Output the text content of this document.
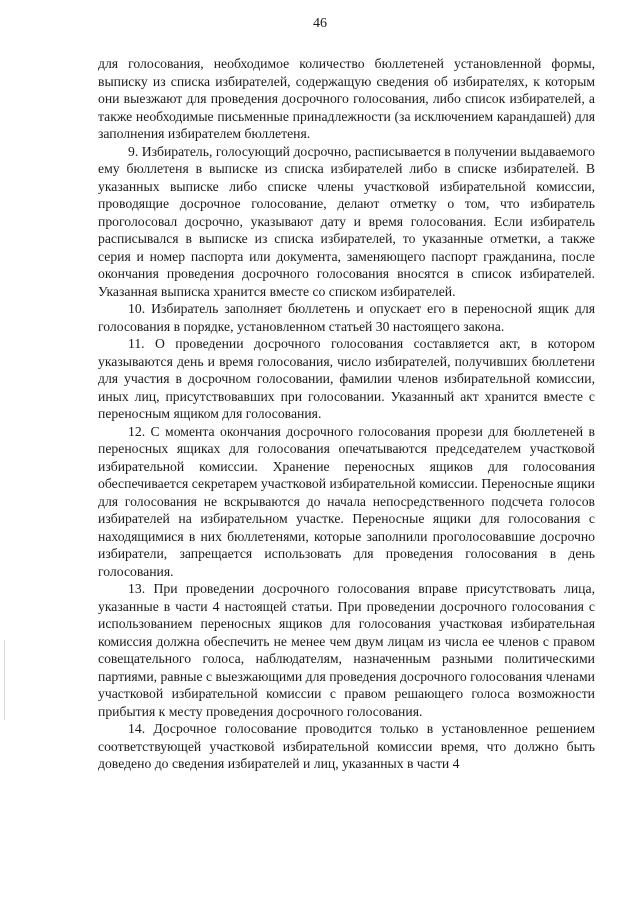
46

для голосования, необходимое количество бюллетеней установленной формы, выписку из списка избирателей, содержащую сведения об избирателях, к которым они выезжают для проведения досрочного голосования, либо список избирателей, а также необходимые письменные принадлежности (за исключением карандашей) для заполнения избирателем бюллетеня.

9. Избиратель, голосующий досрочно, расписывается в получении выдаваемого ему бюллетеня в выписке из списка избирателей либо в списке избирателей. В указанных выписке либо списке члены участковой избирательной комиссии, проводящие досрочное голосование, делают отметку о том, что избиратель проголосовал досрочно, указывают дату и время голосования. Если избиратель расписывался в выписке из списка избирателей, то указанные отметки, а также серия и номер паспорта или документа, заменяющего паспорт гражданина, после окончания проведения досрочного голосования вносятся в список избирателей. Указанная выписка хранится вместе со списком избирателей.

10. Избиратель заполняет бюллетень и опускает его в переносной ящик для голосования в порядке, установленном статьей 30 настоящего закона.

11. О проведении досрочного голосования составляется акт, в котором указываются день и время голосования, число избирателей, получивших бюллетени для участия в досрочном голосовании, фамилии членов избирательной комиссии, иных лиц, присутствовавших при голосовании. Указанный акт хранится вместе с переносным ящиком для голосования.

12. С момента окончания досрочного голосования прорези для бюллетеней в переносных ящиках для голосования опечатываются председателем участковой избирательной комиссии. Хранение переносных ящиков для голосования обеспечивается секретарем участковой избирательной комиссии. Переносные ящики для голосования не вскрываются до начала непосредственного подсчета голосов избирателей на избирательном участке. Переносные ящики для голосования с находящимися в них бюллетенями, которые заполнили проголосовавшие досрочно избиратели, запрещается использовать для проведения голосования в день голосования.

13. При проведении досрочного голосования вправе присутствовать лица, указанные в части 4 настоящей статьи. При проведении досрочного голосования с использованием переносных ящиков для голосования участковая избирательная комиссия должна обеспечить не менее чем двум лицам из числа ее членов с правом совещательного голоса, наблюдателям, назначенным разными политическими партиями, равные с выезжающими для проведения досрочного голосования членами участковой избирательной комиссии с правом решающего голоса возможности прибытия к месту проведения досрочного голосования.

14. Досрочное голосование проводится только в установленное решением соответствующей участковой избирательной комиссии время, что должно быть доведено до сведения избирателей и лиц, указанных в части 4
